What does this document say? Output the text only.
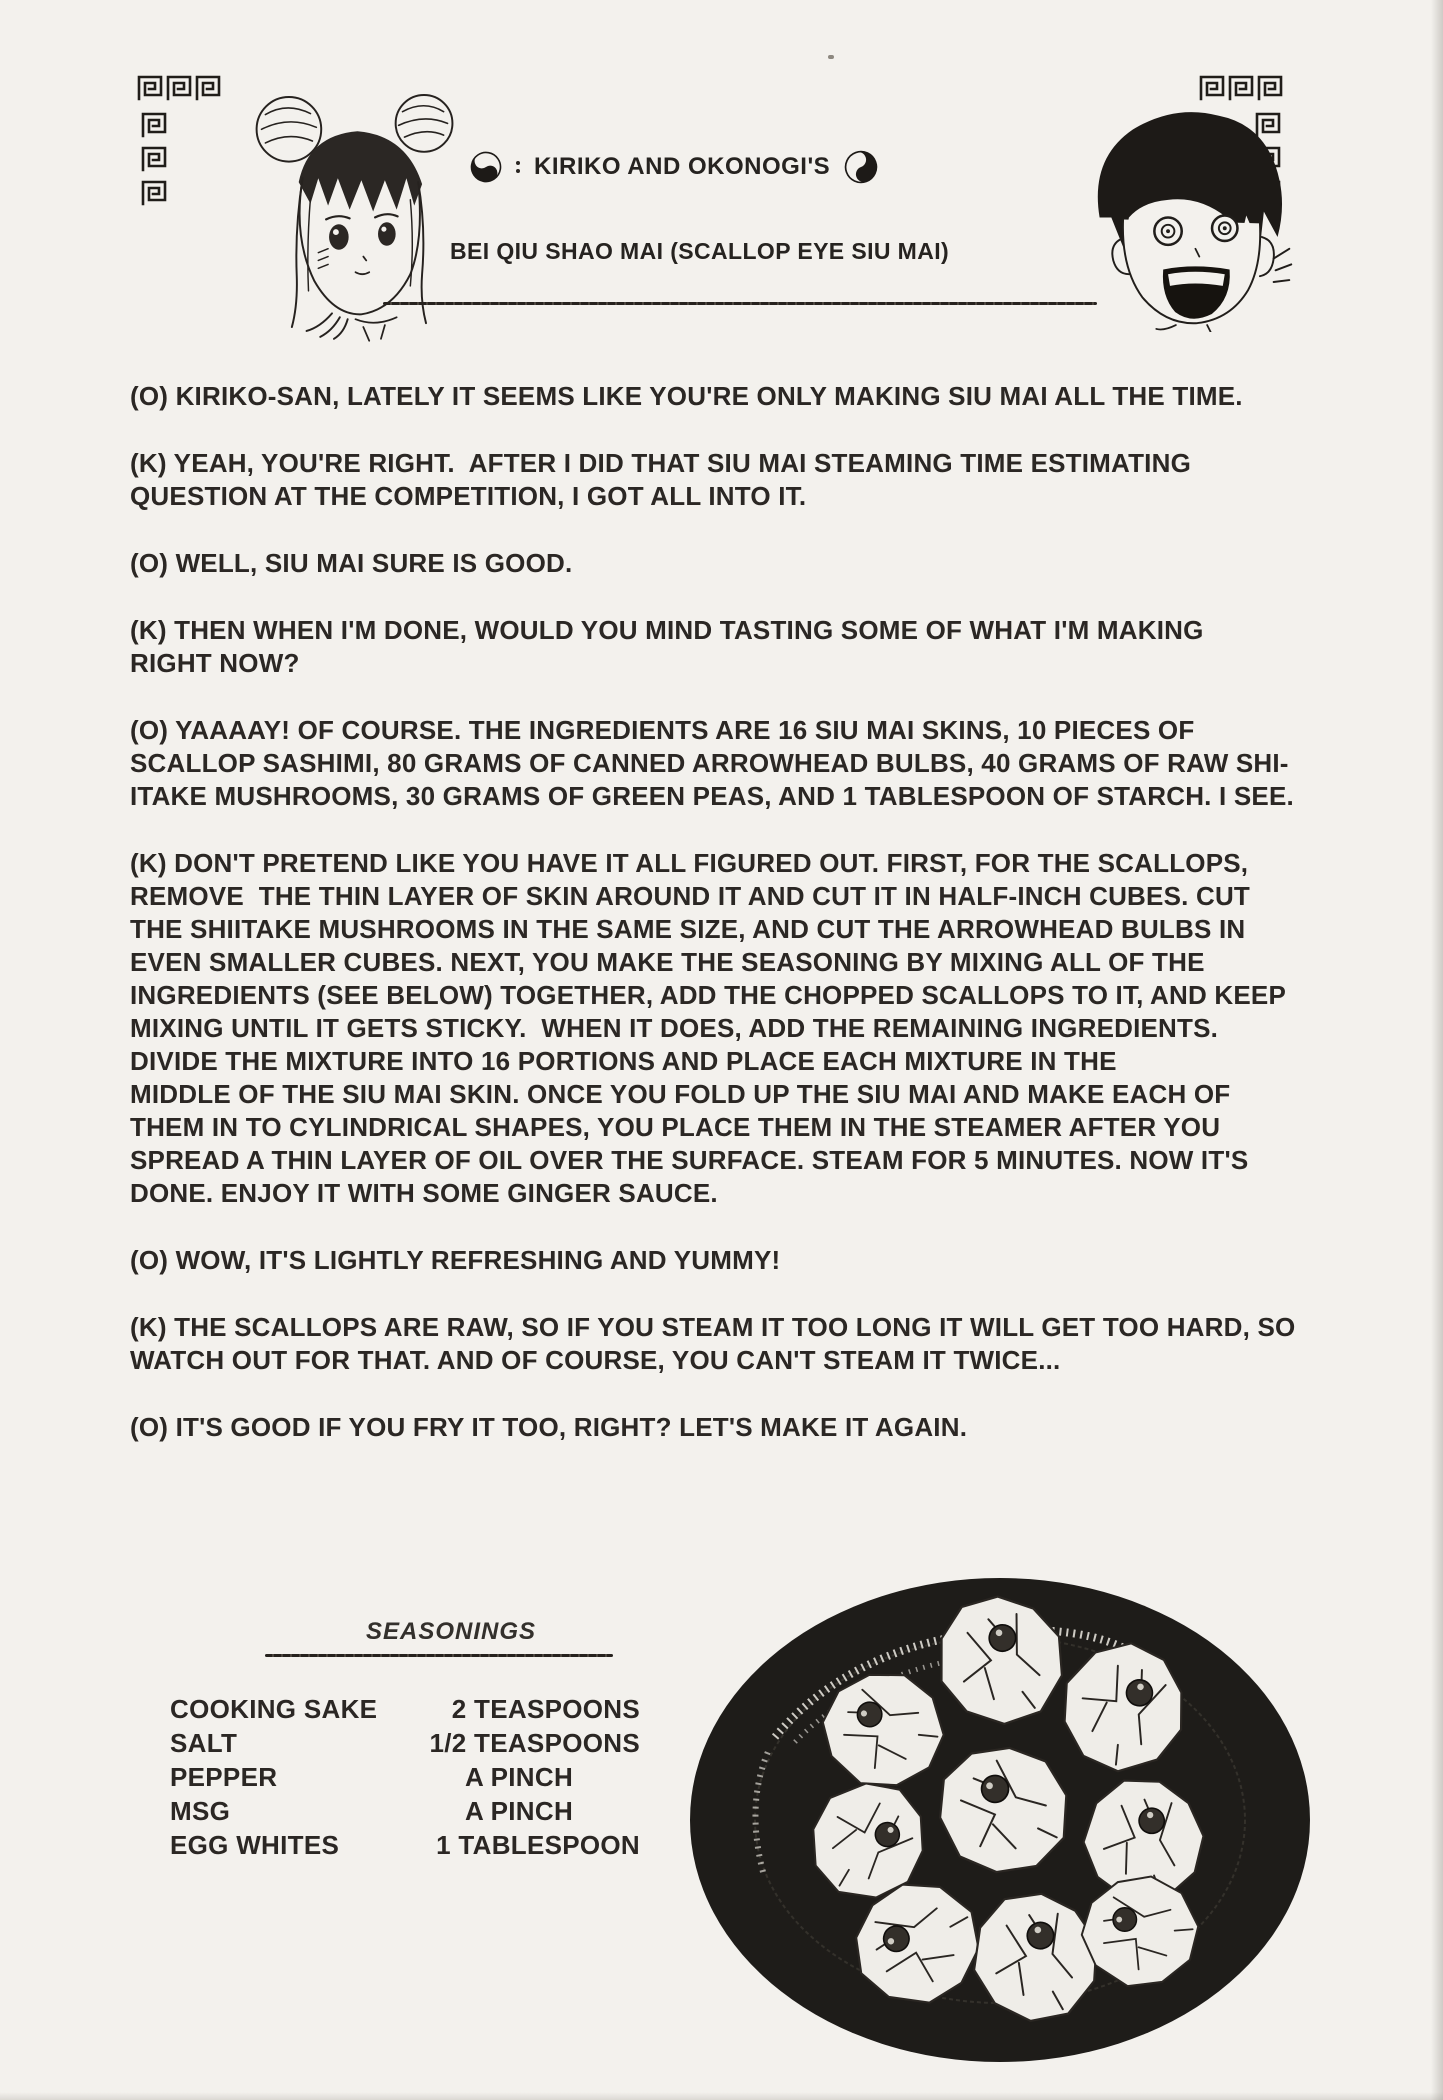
KIRIKO AND OKONOGI'S
BEI QIU SHAO MAI (SCALLOP EYE SIU MAI)
(O) KIRIKO-SAN, LATELY IT SEEMS LIKE YOU'RE ONLY MAKING SIU MAI ALL THE TIME.
(K) YEAH, YOU'RE RIGHT.  AFTER I DID THAT SIU MAI STEAMING TIME ESTIMATING
QUESTION AT THE COMPETITION, I GOT ALL INTO IT.
(O) WELL, SIU MAI SURE IS GOOD.
(K) THEN WHEN I'M DONE, WOULD YOU MIND TASTING SOME OF WHAT I'M MAKING
RIGHT NOW?
(O) YAAAAY! OF COURSE. THE INGREDIENTS ARE 16 SIU MAI SKINS, 10 PIECES OF
SCALLOP SASHIMI, 80 GRAMS OF CANNED ARROWHEAD BULBS, 40 GRAMS OF RAW SHI-
ITAKE MUSHROOMS, 30 GRAMS OF GREEN PEAS, AND 1 TABLESPOON OF STARCH. I SEE.
(K) DON'T PRETEND LIKE YOU HAVE IT ALL FIGURED OUT. FIRST, FOR THE SCALLOPS,
REMOVE  THE THIN LAYER OF SKIN AROUND IT AND CUT IT IN HALF-INCH CUBES. CUT
THE SHIITAKE MUSHROOMS IN THE SAME SIZE, AND CUT THE ARROWHEAD BULBS IN
EVEN SMALLER CUBES. NEXT, YOU MAKE THE SEASONING BY MIXING ALL OF THE
INGREDIENTS (SEE BELOW) TOGETHER, ADD THE CHOPPED SCALLOPS TO IT, AND KEEP
MIXING UNTIL IT GETS STICKY.  WHEN IT DOES, ADD THE REMAINING INGREDIENTS.
DIVIDE THE MIXTURE INTO 16 PORTIONS AND PLACE EACH MIXTURE IN THE
MIDDLE OF THE SIU MAI SKIN. ONCE YOU FOLD UP THE SIU MAI AND MAKE EACH OF
THEM IN TO CYLINDRICAL SHAPES, YOU PLACE THEM IN THE STEAMER AFTER YOU
SPREAD A THIN LAYER OF OIL OVER THE SURFACE. STEAM FOR 5 MINUTES. NOW IT'S
DONE. ENJOY IT WITH SOME GINGER SAUCE.
(O) WOW, IT'S LIGHTLY REFRESHING AND YUMMY!
(K) THE SCALLOPS ARE RAW, SO IF YOU STEAM IT TOO LONG IT WILL GET TOO HARD, SO
WATCH OUT FOR THAT. AND OF COURSE, YOU CAN'T STEAM IT TWICE...
(O) IT'S GOOD IF YOU FRY IT TOO, RIGHT? LET'S MAKE IT AGAIN.
SEASONINGS
COOKING SAKE	2 TEASPOONS
SALT	1/2 TEASPOONS
PEPPER	A PINCH
MSG	A PINCH
EGG WHITES	1 TABLESPOON
